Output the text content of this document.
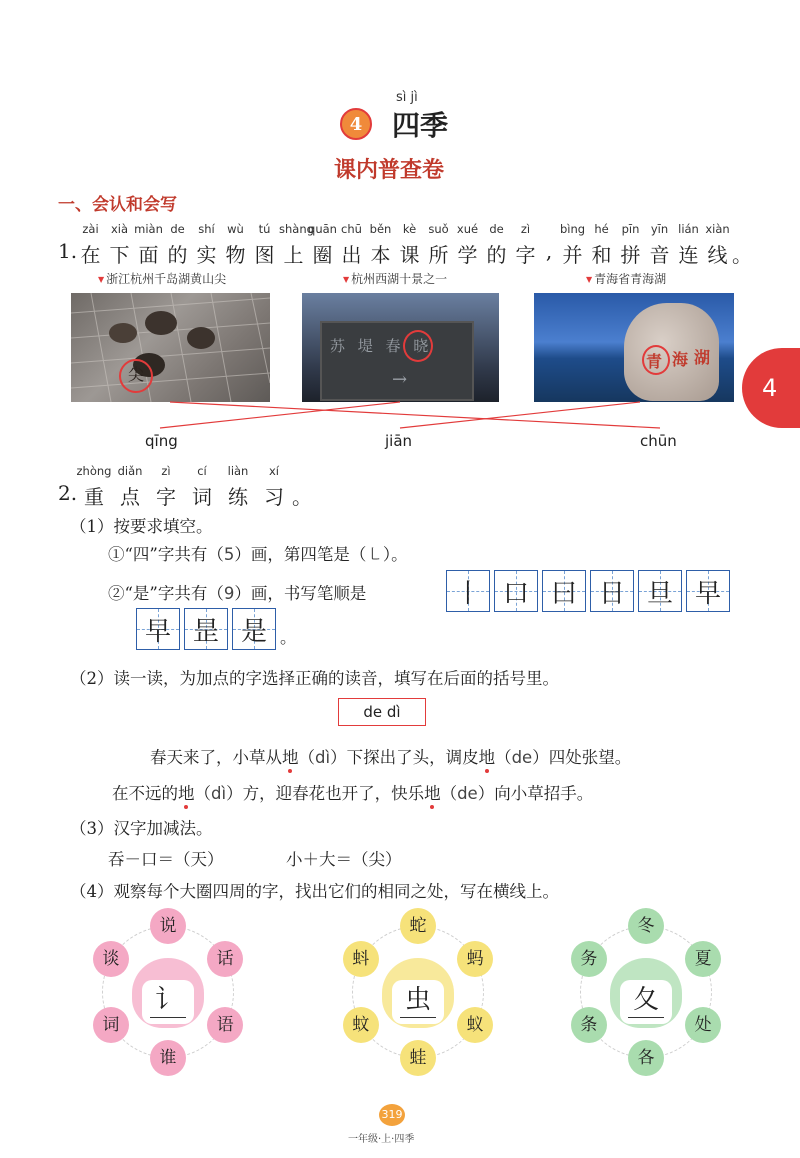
sì jì
4	四季
课内普查卷
一、会认和会写
1.
zài
在
xià
下
miàn
面
de
的
shí
实
wù
物
tú
图
shàng
上
quān
圈
chū
出
běn
本
kè
课
suǒ
所
xué
学
de
的
zì
字 ,
bìng
并
hé
和
pīn
拼
yīn
音
lián
连
xiàn
线 。
▼ 浙江杭州千岛湖黄山尖	▼ 杭州西湖十景之一	▼ 青海省青海湖
尖
苏 堤 春 晓
→
青 海 湖
qīng	jiān	chūn
4
2.
zhòng
重
diǎn
点
zì
字
cí
词
liàn
练
xí
习 。
（1）按要求填空。
①“四”字共有（5）画，第四笔是（㇄）。
②“是”字共有（9）画，书写笔顺是	丨 口 曰 日 旦 早
早 昰 是 。
（2）读一读，为加点的字选择正确的读音，填写在后面的括号里。
de dì
春天来了，小草从地（dì）下探出了头，调皮地（de）四处张望。
在不远的地（dì）方，迎春花也开了，快乐地（de）向小草招手。
（3）汉字加减法。
吞－口＝（天）	小＋大＝（尖）
（4）观察每个大圈四周的字，找出它们的相同之处，写在横线上。
讠
说
话
语
谁
词
谈
虫
蛇
蚂
蚁
蛙
蚊
蚪
夂
冬
夏
处
各
条
务
319
一年级·上·四季
